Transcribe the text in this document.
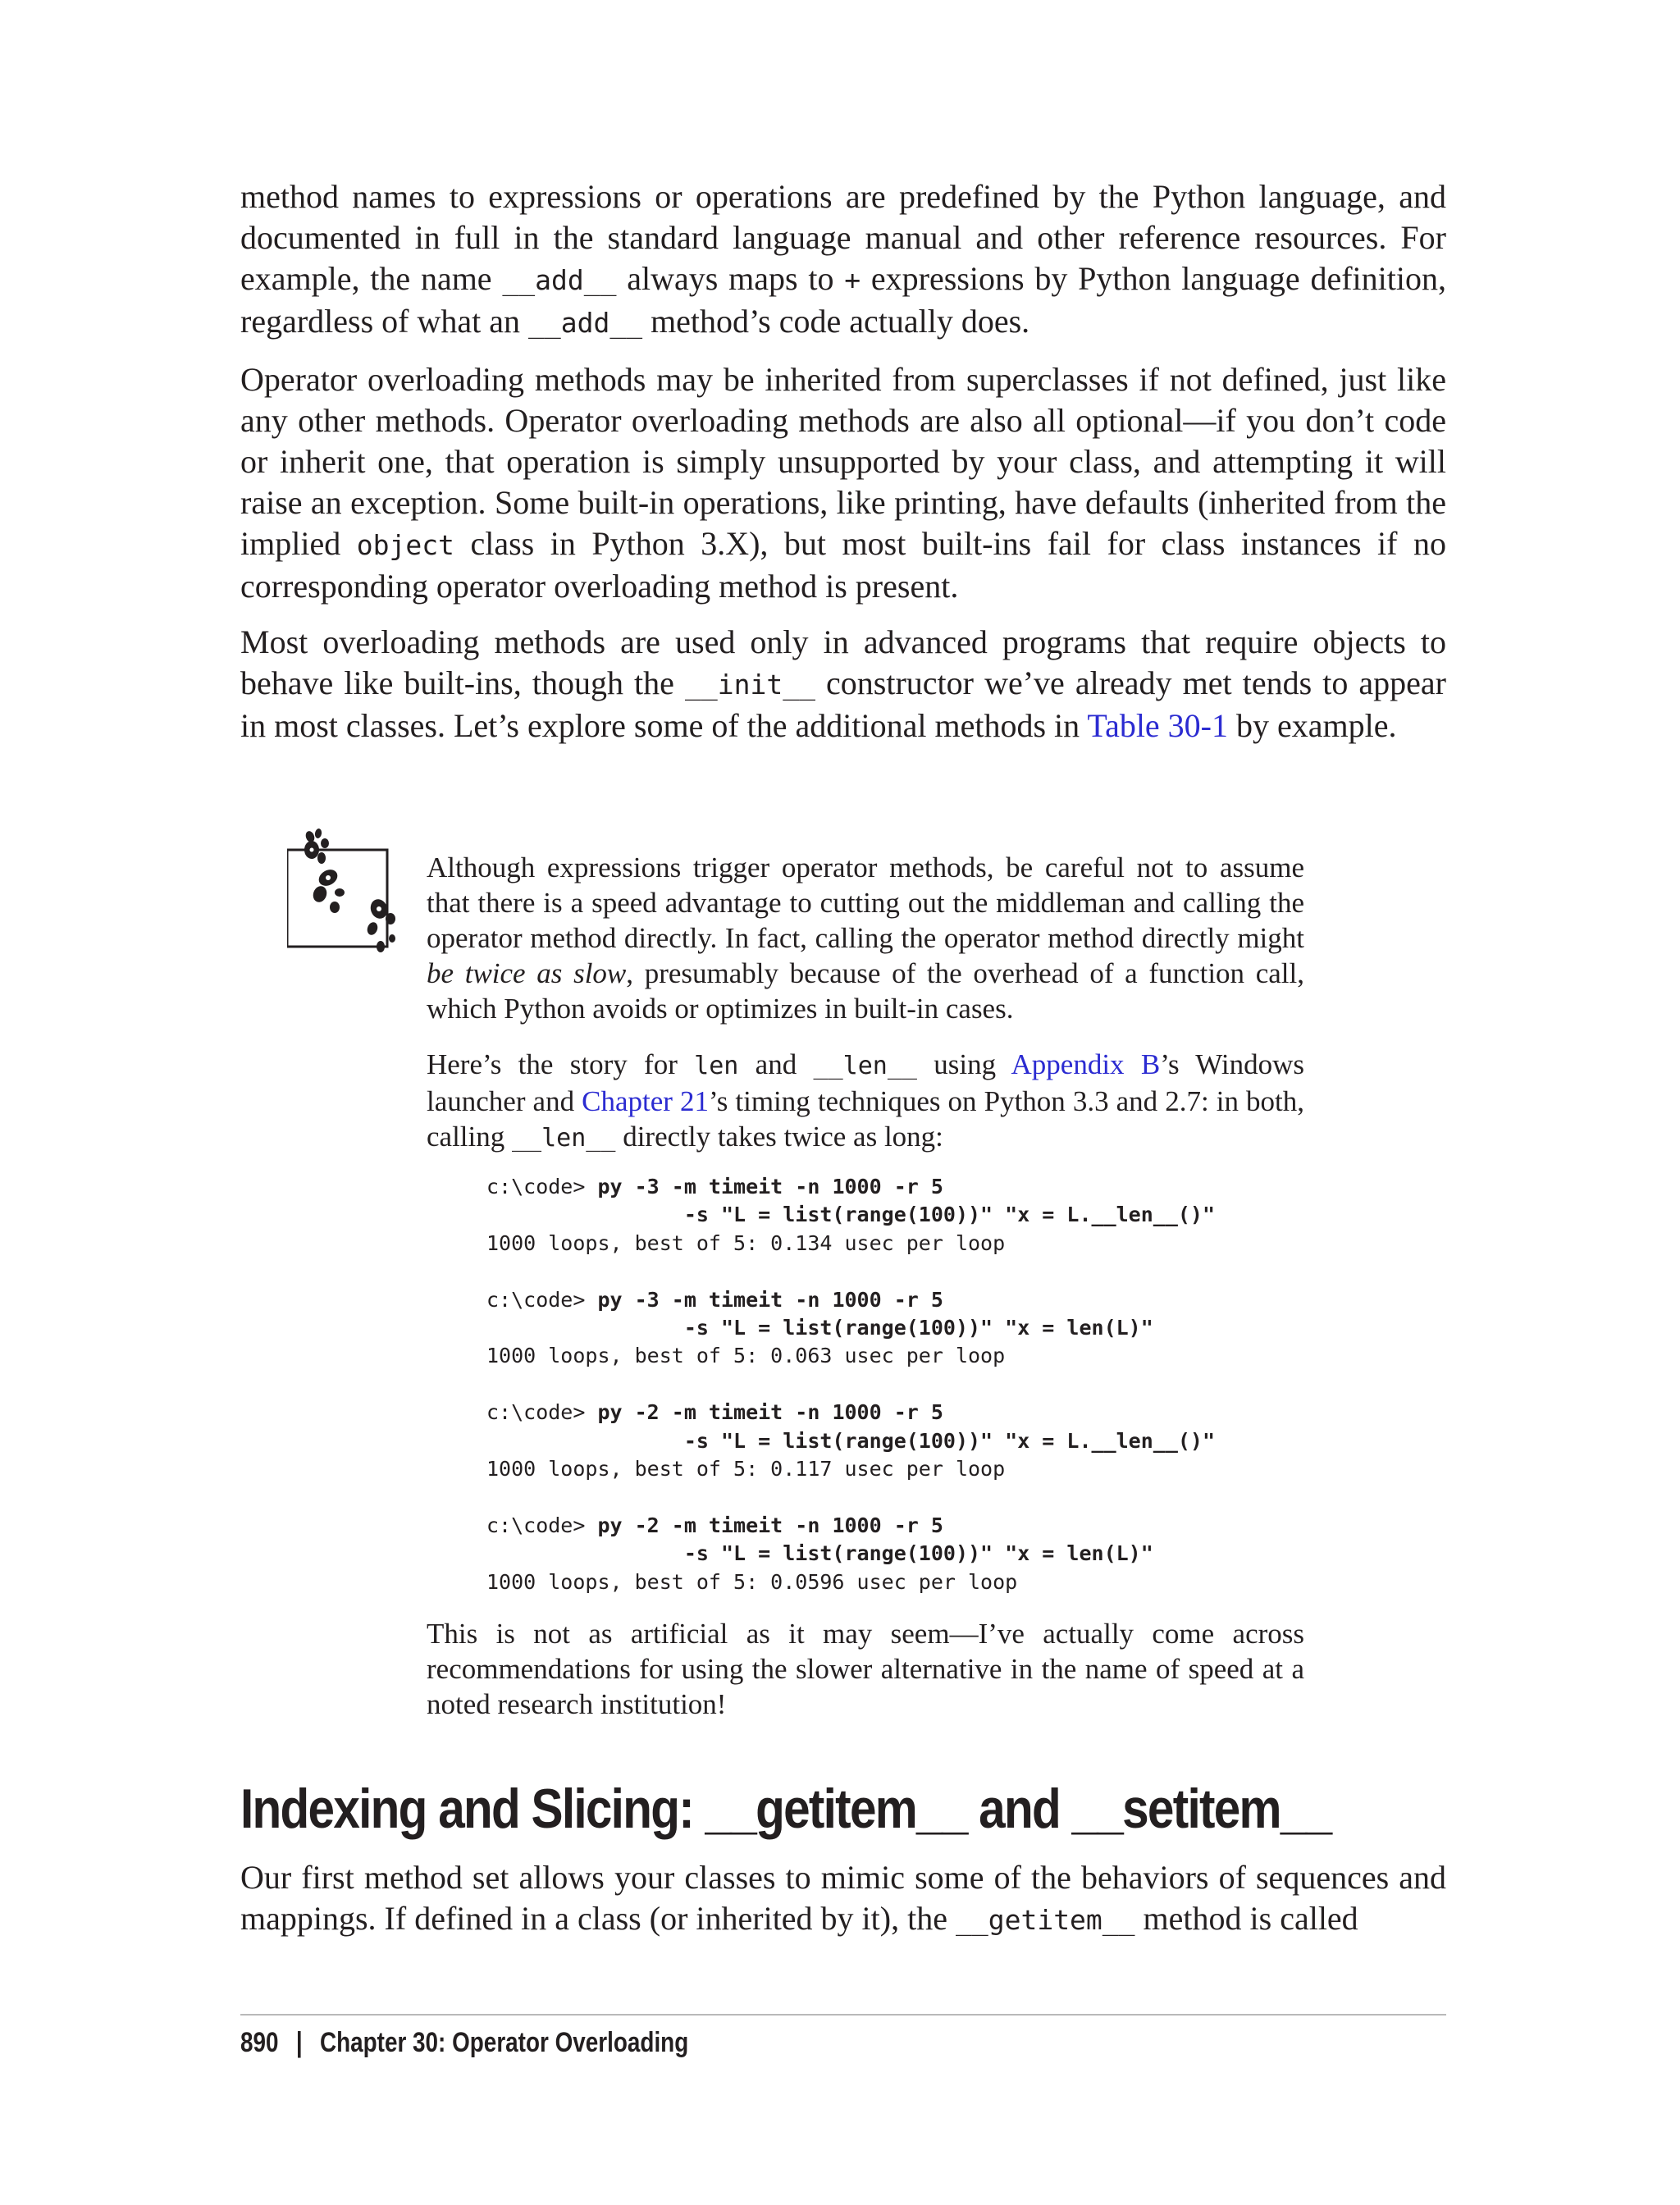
method names to expressions or operations are predefined by the Python language, and documented in full in the standard language manual and other reference resources. For example, the name __add__ always maps to + expressions by Python language definition, regardless of what an __add__ method’s code actually does.

Operator overloading methods may be inherited from superclasses if not defined, just like any other methods. Operator overloading methods are also all optional—if you don’t code or inherit one, that operation is simply unsupported by your class, and attempting it will raise an exception. Some built-in operations, like printing, have defaults (inherited from the implied object class in Python 3.X), but most built-ins fail for class instances if no corresponding operator overloading method is present.

Most overloading methods are used only in advanced programs that require objects to behave like built-ins, though the __init__ constructor we’ve already met tends to appear in most classes. Let’s explore some of the additional methods in Table 30-1 by example.

Although expressions trigger operator methods, be careful not to assume that there is a speed advantage to cutting out the middleman and calling the operator method directly. In fact, calling the operator method directly might be twice as slow, presumably because of the overhead of a function call, which Python avoids or optimizes in built-in cases.

Here’s the story for len and __len__ using Appendix B’s Windows launcher and Chapter 21’s timing techniques on Python 3.3 and 2.7: in both, calling __len__ directly takes twice as long:

c:\code> py -3 -m timeit -n 1000 -r 5
-s "L = list(range(100))" "x = L.__len__()"
1000 loops, best of 5: 0.134 usec per loop

c:\code> py -3 -m timeit -n 1000 -r 5
-s "L = list(range(100))" "x = len(L)"
1000 loops, best of 5: 0.063 usec per loop

c:\code> py -2 -m timeit -n 1000 -r 5
-s "L = list(range(100))" "x = L.__len__()"
1000 loops, best of 5: 0.117 usec per loop

c:\code> py -2 -m timeit -n 1000 -r 5
-s "L = list(range(100))" "x = len(L)"
1000 loops, best of 5: 0.0596 usec per loop

This is not as artificial as it may seem—I’ve actually come across recommendations for using the slower alternative in the name of speed at a noted research institution!

Indexing and Slicing: __getitem__ and __setitem__

Our first method set allows your classes to mimic some of the behaviors of sequences and mappings. If defined in a class (or inherited by it), the __getitem__ method is called

890 | Chapter 30: Operator Overloading
